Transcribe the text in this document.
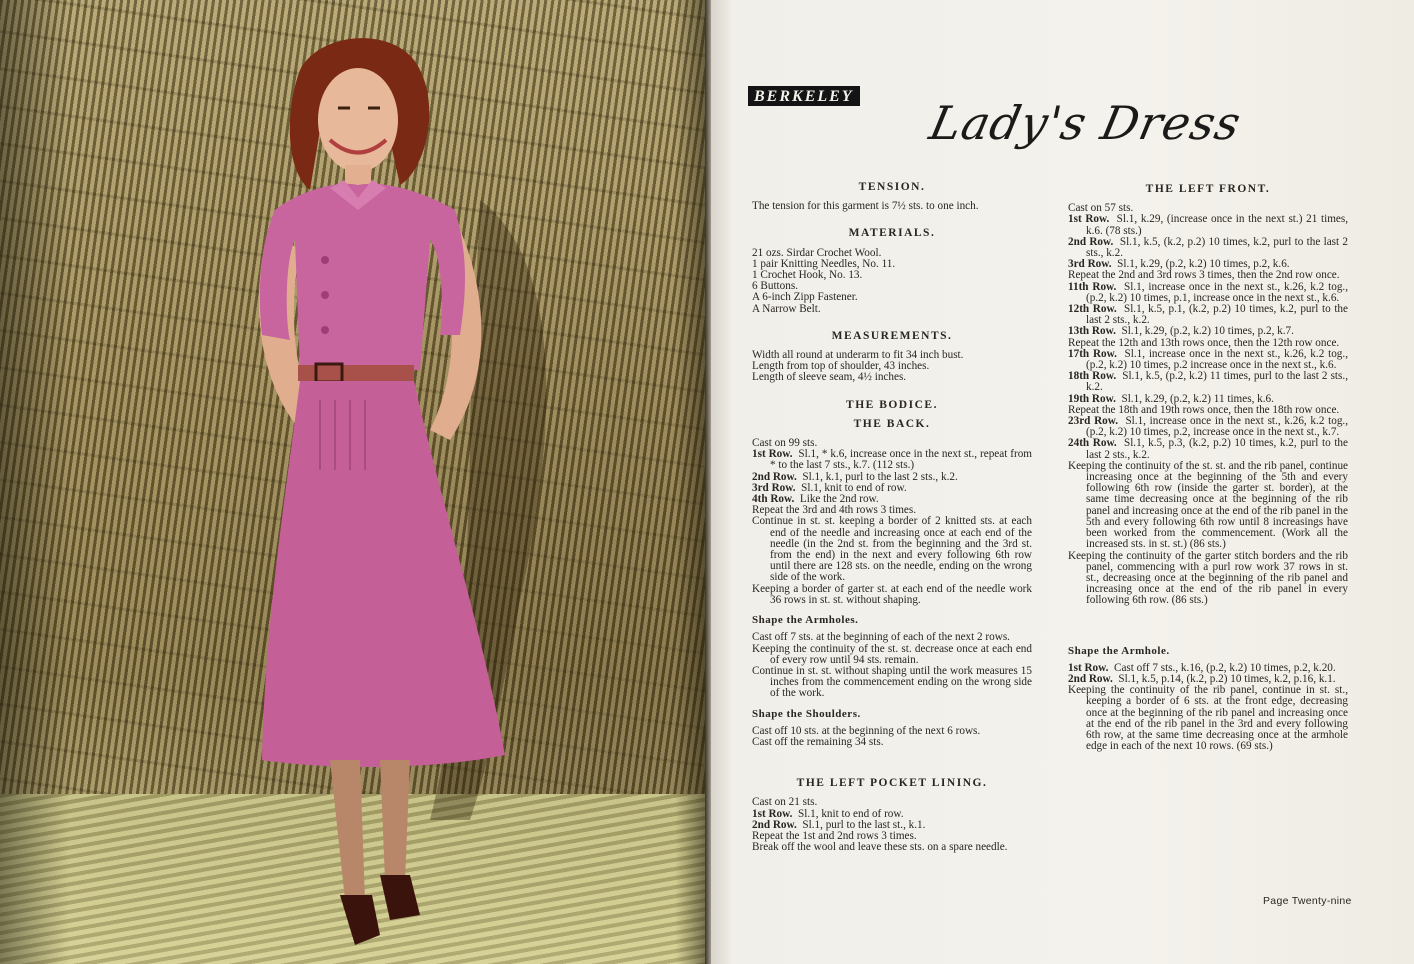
BERKELEY Lady's Dress
TENSION.

The tension for this garment is 7½ sts. to one inch.

MATERIALS.

21 ozs. Sirdar Crochet Wool.

1 pair Knitting Needles, No. 11.

1 Crochet Hook, No. 13.

6 Buttons.

A 6-inch Zipp Fastener.

A Narrow Belt.

MEASUREMENTS.

Width all round at underarm to fit 34 inch bust.

Length from top of shoulder, 43 inches.

Length of sleeve seam, 4½ inches.

THE BODICE.
THE BACK.

Cast on 99 sts.

1st Row. Sl.1, * k.6, increase once in the next st., repeat from * to the last 7 sts., k.7. (112 sts.)

2nd Row. Sl.1, k.1, purl to the last 2 sts., k.2.

3rd Row. Sl.1, knit to end of row.

4th Row. Like the 2nd row.

Repeat the 3rd and 4th rows 3 times.

Continue in st. st. keeping a border of 2 knitted sts. at each end of the needle and increasing once at each end of the needle (in the 2nd st. from the beginning and the 3rd st. from the end) in the next and every following 6th row until there are 128 sts. on the needle, ending on the wrong side of the work.

Keeping a border of garter st. at each end of the needle work 36 rows in st. st. without shaping.

Shape the Armholes.

Cast off 7 sts. at the beginning of each of the next 2 rows.

Keeping the continuity of the st. st. decrease once at each end of every row until 94 sts. remain.

Continue in st. st. without shaping until the work measures 15 inches from the commencement ending on the wrong side of the work.

Shape the Shoulders.

Cast off 10 sts. at the beginning of the next 6 rows.

Cast off the remaining 34 sts.

THE LEFT POCKET LINING.

Cast on 21 sts.

1st Row. Sl.1, knit to end of row.

2nd Row. Sl.1, purl to the last st., k.1.

Repeat the 1st and 2nd rows 3 times.

Break off the wool and leave these sts. on a spare needle.

THE LEFT FRONT.

Cast on 57 sts.

1st Row. Sl.1, k.29, (increase once in the next st.) 21 times, k.6. (78 sts.)

2nd Row. Sl.1, k.5, (k.2, p.2) 10 times, k.2, purl to the last 2 sts., k.2.

3rd Row. Sl.1, k.29, (p.2, k.2) 10 times, p.2, k.6.

Repeat the 2nd and 3rd rows 3 times, then the 2nd row once.

11th Row. Sl.1, increase once in the next st., k.26, k.2 tog., (p.2, k.2) 10 times, p.1, increase once in the next st., k.6.

12th Row. Sl.1, k.5, p.1, (k.2, p.2) 10 times, k.2, purl to the last 2 sts., k.2.

13th Row. Sl.1, k.29, (p.2, k.2) 10 times, p.2, k.7.

Repeat the 12th and 13th rows once, then the 12th row once.

17th Row. Sl.1, increase once in the next st., k.26, k.2 tog., (p.2, k.2) 10 times, p.2 increase once in the next st., k.6.

18th Row. Sl.1, k.5, (p.2, k.2) 11 times, purl to the last 2 sts., k.2.

19th Row. Sl.1, k.29, (p.2, k.2) 11 times, k.6.

Repeat the 18th and 19th rows once, then the 18th row once.

23rd Row. Sl.1, increase once in the next st., k.26, k.2 tog., (p.2, k.2) 10 times, p.2, increase once in the next st., k.7.

24th Row. Sl.1, k.5, p.3, (k.2, p.2) 10 times, k.2, purl to the last 2 sts., k.2.

Keeping the continuity of the st. st. and the rib panel, continue increasing once at the beginning of the 5th and every following 6th row (inside the garter st. border), at the same time decreasing once at the beginning of the rib panel and increasing once at the end of the rib panel in the 5th and every following 6th row until 8 increasings have been worked from the commencement. (Work all the increased sts. in st. st.) (86 sts.)

Keeping the continuity of the garter stitch borders and the rib panel, commencing with a purl row work 37 rows in st. st., decreasing once at the beginning of the rib panel and increasing once at the end of the rib panel in every following 6th row. (86 sts.)

Shape the Armhole.

1st Row. Cast off 7 sts., k.16, (p.2, k.2) 10 times, p.2, k.20.

2nd Row. Sl.1, k.5, p.14, (k.2, p.2) 10 times, k.2, p.16, k.1.

Keeping the continuity of the rib panel, continue in st. st., keeping a border of 6 sts. at the front edge, decreasing once at the beginning of the rib panel and increasing once at the end of the rib panel in the 3rd and every following 6th row, at the same time decreasing once at the armhole edge in each of the next 10 rows. (69 sts.)

Page Twenty-nine
